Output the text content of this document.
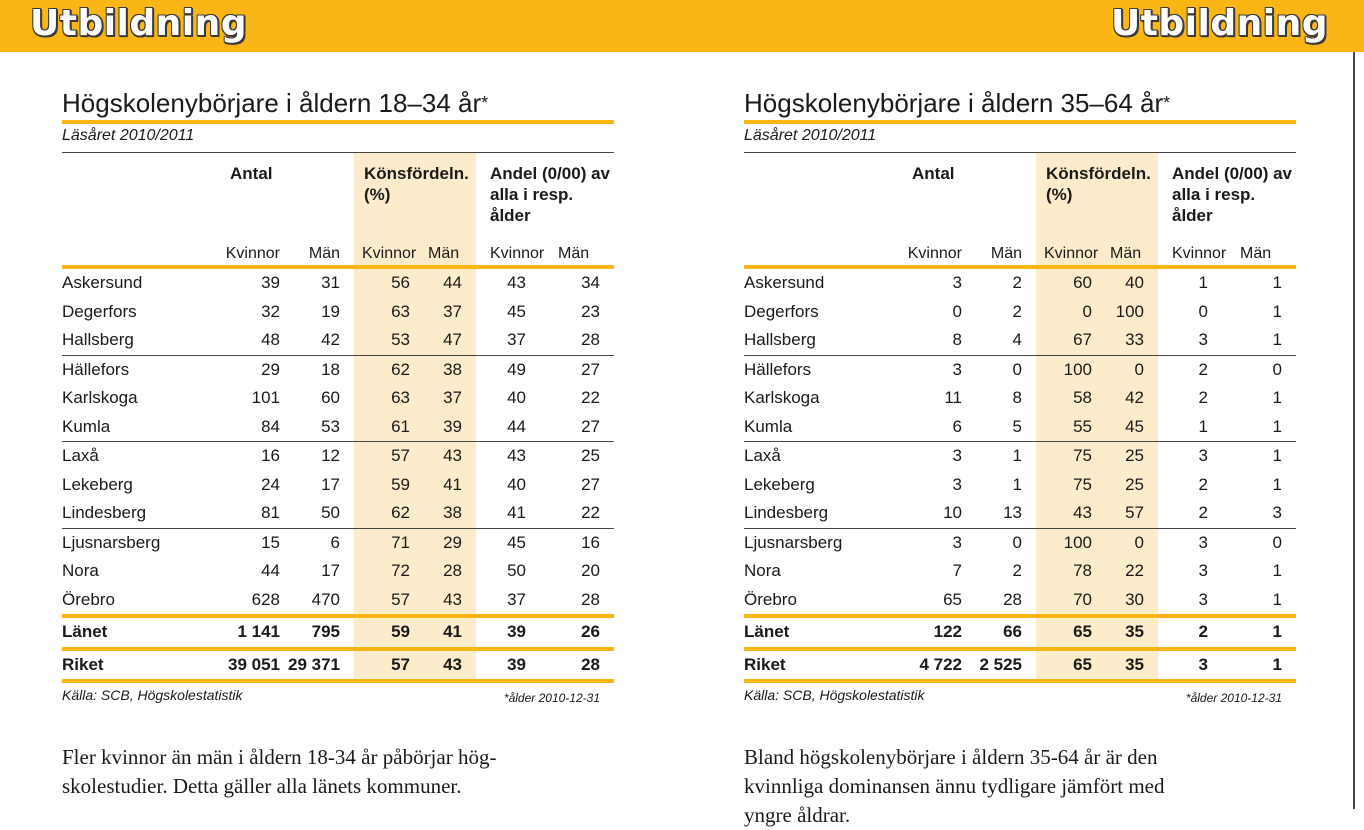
Utbildning	Utbildning
Högskolenybörjare i åldern 18–34 år*
Läsåret 2010/2011

	Antal		Könsfördeln. (%)		Andel (0/00) av alla i resp. ålder	
	Kvinnor	Män	Kvinnor	Män	Kvinnor	Män
Askersund	39	31	56	44	43	34
Degerfors	32	19	63	37	45	23
Hallsberg	48	42	53	47	37	28
Hällefors	29	18	62	38	49	27
Karlskoga	101	60	63	37	40	22
Kumla	84	53	61	39	44	27
Laxå	16	12	57	43	43	25
Lekeberg	24	17	59	41	40	27
Lindesberg	81	50	62	38	41	22
Ljusnarsberg	15	6	71	29	45	16
Nora	44	17	72	28	50	20
Örebro	628	470	57	43	37	28
Länet	1 141	795	59	41	39	26
Riket	39 051	29 371	57	43	39	28
Källa: SCB, Högskolestatistik	*ålder 2010-12-31
Fler kvinnor än män i åldern 18-34 år påbörjar hög-
skolestudier. Detta gäller alla länets kommuner.
Högskolenybörjare i åldern 35–64 år*
Läsåret 2010/2011

	Antal		Könsfördeln. (%)		Andel (0/00) av alla i resp. ålder	
	Kvinnor	Män	Kvinnor	Män	Kvinnor	Män
Askersund	3	2	60	40	1	1
Degerfors	0	2	0	100	0	1
Hallsberg	8	4	67	33	3	1
Hällefors	3	0	100	0	2	0
Karlskoga	11	8	58	42	2	1
Kumla	6	5	55	45	1	1
Laxå	3	1	75	25	3	1
Lekeberg	3	1	75	25	2	1
Lindesberg	10	13	43	57	2	3
Ljusnarsberg	3	0	100	0	3	0
Nora	7	2	78	22	3	1
Örebro	65	28	70	30	3	1
Länet	122	66	65	35	2	1
Riket	4 722	2 525	65	35	3	1
Källa: SCB, Högskolestatistik	*ålder 2010-12-31
Bland högskolenybörjare i åldern 35-64 år är den
kvinnliga dominansen ännu tydligare jämfört med
yngre åldrar.
